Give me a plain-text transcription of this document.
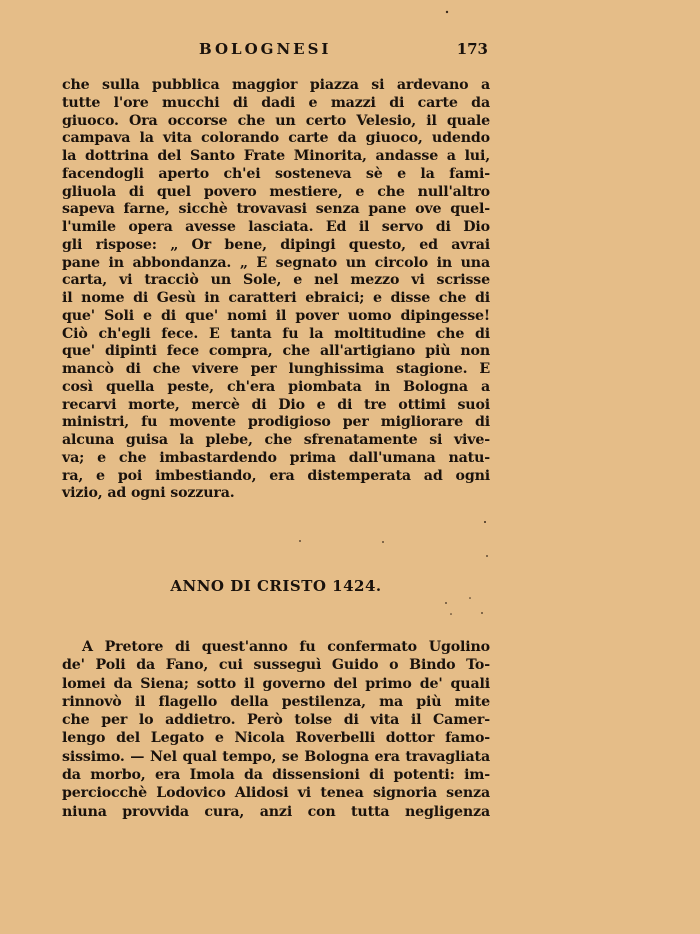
BOLOGNESI	173
che sulla pubblica maggior piazza si ardevano a
tutte l'ore mucchi di dadi e mazzi di carte da
giuoco. Ora occorse che un certo Velesio, il quale
campava la vita colorando carte da giuoco, udendo
la dottrina del Santo Frate Minorita, andasse a lui,
facendogli aperto ch'ei sosteneva sè e la fami-
gliuola di quel povero mestiere, e che null'altro
sapeva farne, sicchè trovavasi senza pane ove quel-
l'umile opera avesse lasciata. Ed il servo di Dio
gli rispose: „ Or bene, dipingi questo, ed avrai
pane in abbondanza. „ E segnato un circolo in una
carta, vi tracciò un Sole, e nel mezzo vi scrisse
il nome di Gesù in caratteri ebraici; e disse che di
que' Soli e di que' nomi il pover uomo dipingesse!
Ciò ch'egli fece. E tanta fu la moltitudine che di
que' dipinti fece compra, che all'artigiano più non
mancò di che vivere per lunghissima stagione. E
così quella peste, ch'era piombata in Bologna a
recarvi morte, mercè di Dio e di tre ottimi suoi
ministri, fu movente prodigioso per migliorare di
alcuna guisa la plebe, che sfrenatamente si vive-
va; e che imbastardendo prima dall'umana natu-
ra, e poi imbestiando, era distemperata ad ogni
vizio, ad ogni sozzura.
ANNO DI CRISTO 1424.
A Pretore di quest'anno fu confermato Ugolino
de' Poli da Fano, cui susseguì Guido o Bindo To-
lomei da Siena; sotto il governo del primo de' quali
rinnovò il flagello della pestilenza, ma più mite
che per lo addietro. Però tolse di vita il Camer-
lengo del Legato e Nicola Roverbelli dottor famo-
sissimo. — Nel qual tempo, se Bologna era travagliata
da morbo, era Imola da dissensioni di potenti: im-
perciocchè Lodovico Alidosi vi tenea signoria senza
niuna provvida cura, anzi con tutta negligenza
